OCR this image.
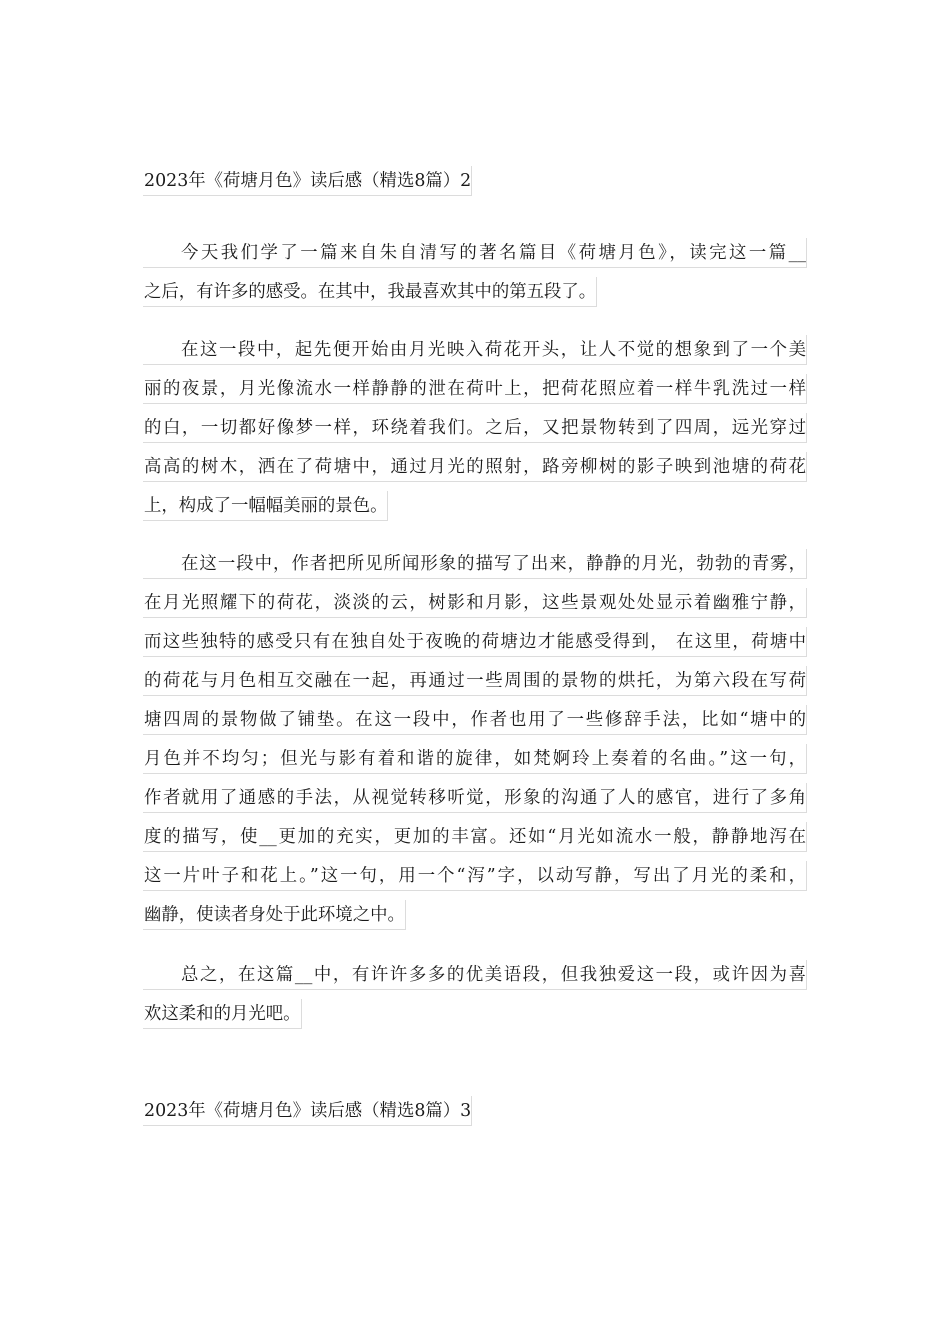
2023年《荷塘月色》读后感（精选8篇）2
今天我们学了一篇来自朱自清写的著名篇目《荷塘月色》，读完这一篇__
之后，有许多的感受。在其中，我最喜欢其中的第五段了。
在这一段中，起先便开始由月光映入荷花开头，让人不觉的想象到了一个美
丽的夜景，月光像流水一样静静的泄在荷叶上，把荷花照应着一样牛乳洗过一样
的白，一切都好像梦一样，环绕着我们。之后，又把景物转到了四周，远光穿过
高高的树木，洒在了荷塘中，通过月光的照射，路旁柳树的影子映到池塘的荷花
上，构成了一幅幅美丽的景色。
在这一段中，作者把所见所闻形象的描写了出来，静静的月光，勃勃的青雾，
在月光照耀下的荷花，淡淡的云，树影和月影，这些景观处处显示着幽雅宁静，
而这些独特的感受只有在独自处于夜晚的荷塘边才能感受得到， 在这里，荷塘中
的荷花与月色相互交融在一起，再通过一些周围的景物的烘托，为第六段在写荷
塘四周的景物做了铺垫。在这一段中，作者也用了一些修辞手法，比如“塘中的
月色并不均匀；但光与影有着和谐的旋律，如梵婀玲上奏着的名曲。”这一句，
作者就用了通感的手法，从视觉转移听觉，形象的沟通了人的感官，进行了多角
度的描写，使__更加的充实，更加的丰富。还如“月光如流水一般，静静地泻在
这一片叶子和花上。”这一句，用一个“泻”字，以动写静，写出了月光的柔和，
幽静，使读者身处于此环境之中。
总之，在这篇__中，有许许多多的优美语段，但我独爱这一段，或许因为喜
欢这柔和的月光吧。
2023年《荷塘月色》读后感（精选8篇）3
